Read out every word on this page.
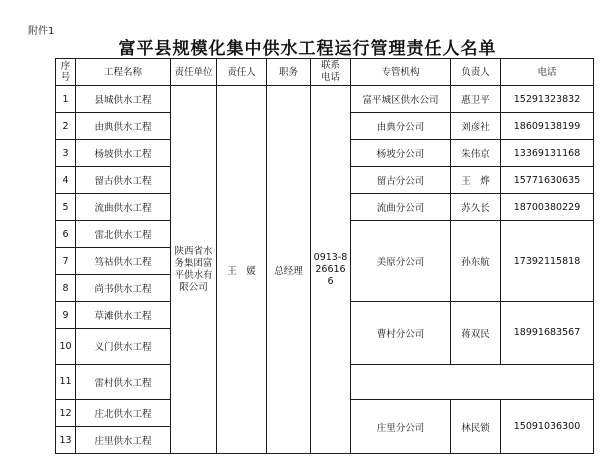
附件1
富平县规模化集中供水工程运行管理责任人名单
序号	工程名称	责任单位	责任人	职务	联系电话	专管机构	负责人	电话	
1	县城供水工程	陕西省水务集团富平供水有限公司	王　媛	总经理	0913-8266166	富平城区供水公司	惠卫平	15291323832	
2	由典供水工程					由典分公司	刘彦社	18609138199	
3	杨坡供水工程					杨坡分公司	朱伟京	13369131168	
4	留古供水工程					留古分公司	王　烨	15771630635	
5	流曲供水工程					流曲分公司	苏久长	18700380229	
6	雷北供水工程					美原分公司	孙东航	17392115818	
7	笃祜供水工程								
8	尚书供水工程								
9	草滩供水工程					曹村分公司	蒋双民	18991683567	
10	义门供水工程			
11	雷村供水工程								
12	庄北供水工程					庄里分公司	林民锁	15091036300	
13	庄里供水工程								
